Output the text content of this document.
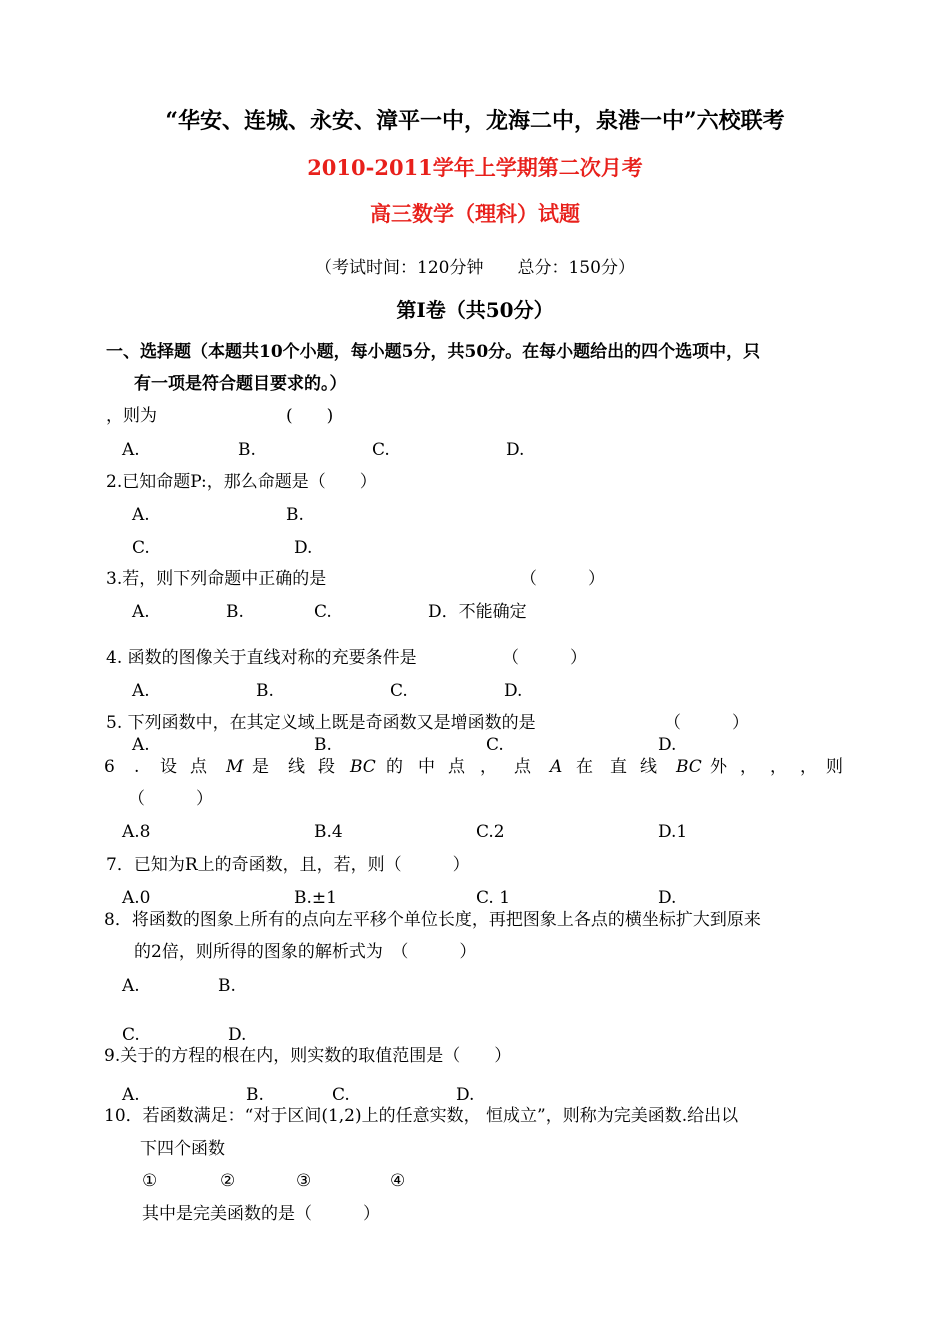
“华安、连城、永安、漳平一中，龙海二中，泉港一中”六校联考
2010-2011学年上学期第二次月考
高三数学（理科）试题
（考试时间：120分钟　　总分：150分）
第Ⅰ卷（共50分）
一、选择题（本题共10个小题，每小题5分，共50分。在每小题给出的四个选项中，只
有一项是符合题目要求的。）
，则为	(　　)
A.	B.	C.	D.
2.已知命题P:，那么命题是（　　）
A.	B.
C.	D.
3.若，则下列命题中正确的是	（　　　）
A.	B.	C.	D．不能确定
4. 函数的图像关于直线对称的充要条件是	（　　　）
A.	B.	C.	D.
5. 下列函数中，在其定义域上既是奇函数又是增函数的是	（　　　）
A.	B.	C.	D.
6 . 设 点 M 是 线 段 BC 的 中 点 ， 点 A 在 直 线 BC 外 ， ， ， 则
（　　　）
A.8	B.4	C.2	D.1
7．已知为R上的奇函数，且，若，则（　　　）
A.0	B.±1	C. 1	D.
8．将函数的图象上所有的点向左平移个单位长度，再把图象上各点的横坐标扩大到原来
的2倍，则所得的图象的解析式为　（　　　）
A.	B.
C.	D.
9.关于的方程的根在内，则实数的取值范围是（　　）
A.	B.	C.	D.
10．若函数满足：“对于区间(1,2)上的任意实数， 恒成立”，则称为完美函数.给出以
下四个函数
①	②	③	④
其中是完美函数的是（　　　）
